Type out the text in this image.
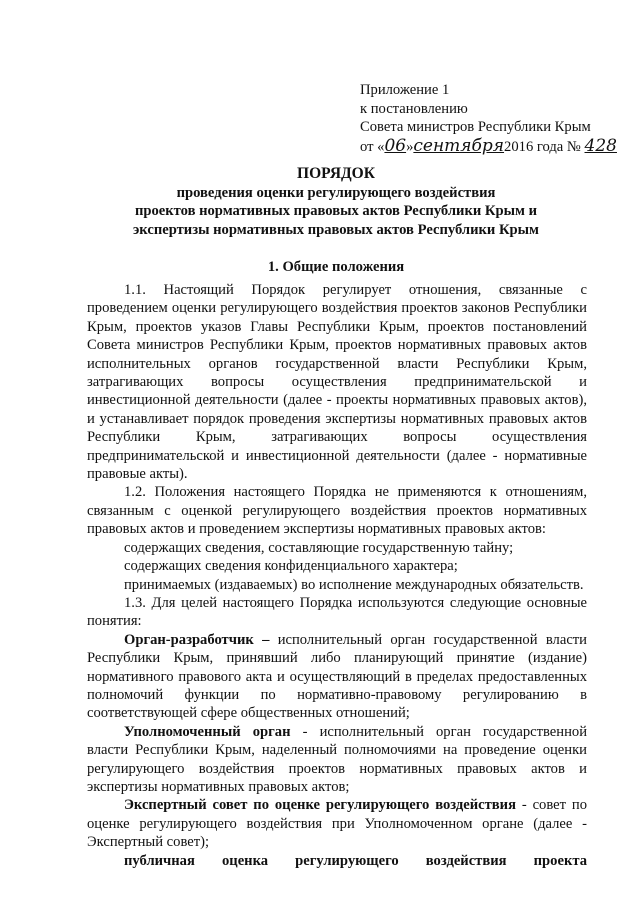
Приложение 1
к постановлению
Совета министров Республики Крым
от «06»сентября2016 года № 428
ПОРЯДОК
проведения оценки регулирующего воздействия
проектов нормативных правовых актов Республики Крым и
экспертизы нормативных правовых актов Республики Крым
1. Общие положения

1.1. Настоящий Порядок регулирует отношения, связанные с проведением оценки регулирующего воздействия проектов законов Республики Крым, проектов указов Главы Республики Крым, проектов постановлений Совета министров Республики Крым, проектов нормативных правовых актов исполнительных органов государственной власти Республики Крым, затрагивающих вопросы осуществления предпринимательской и инвестиционной деятельности (далее - проекты нормативных правовых актов), и устанавливает порядок проведения экспертизы нормативных правовых актов Республики Крым, затрагивающих вопросы осуществления предпринимательской и инвестиционной деятельности (далее - нормативные правовые акты).

1.2. Положения настоящего Порядка не применяются к отношениям, связанным с оценкой регулирующего воздействия проектов нормативных правовых актов и проведением экспертизы нормативных правовых актов:

содержащих сведения, составляющие государственную тайну;

содержащих сведения конфиденциального характера;

принимаемых (издаваемых) во исполнение международных обязательств.

1.3. Для целей настоящего Порядка используются следующие основные понятия:

Орган-разработчик – исполнительный орган государственной власти Республики Крым, принявший либо планирующий принятие (издание) нормативного правового акта и осуществляющий в пределах предоставленных полномочий функции по нормативно-правовому регулированию в соответствующей сфере общественных отношений;

Уполномоченный орган - исполнительный орган государственной власти Республики Крым, наделенный полномочиями на проведение оценки регулирующего воздействия проектов нормативных правовых актов и экспертизы нормативных правовых актов;

Экспертный совет по оценке регулирующего воздействия - совет по оценке регулирующего воздействия при Уполномоченном органе (далее - Экспертный совет);

публичная оценка регулирующего воздействия проекта
